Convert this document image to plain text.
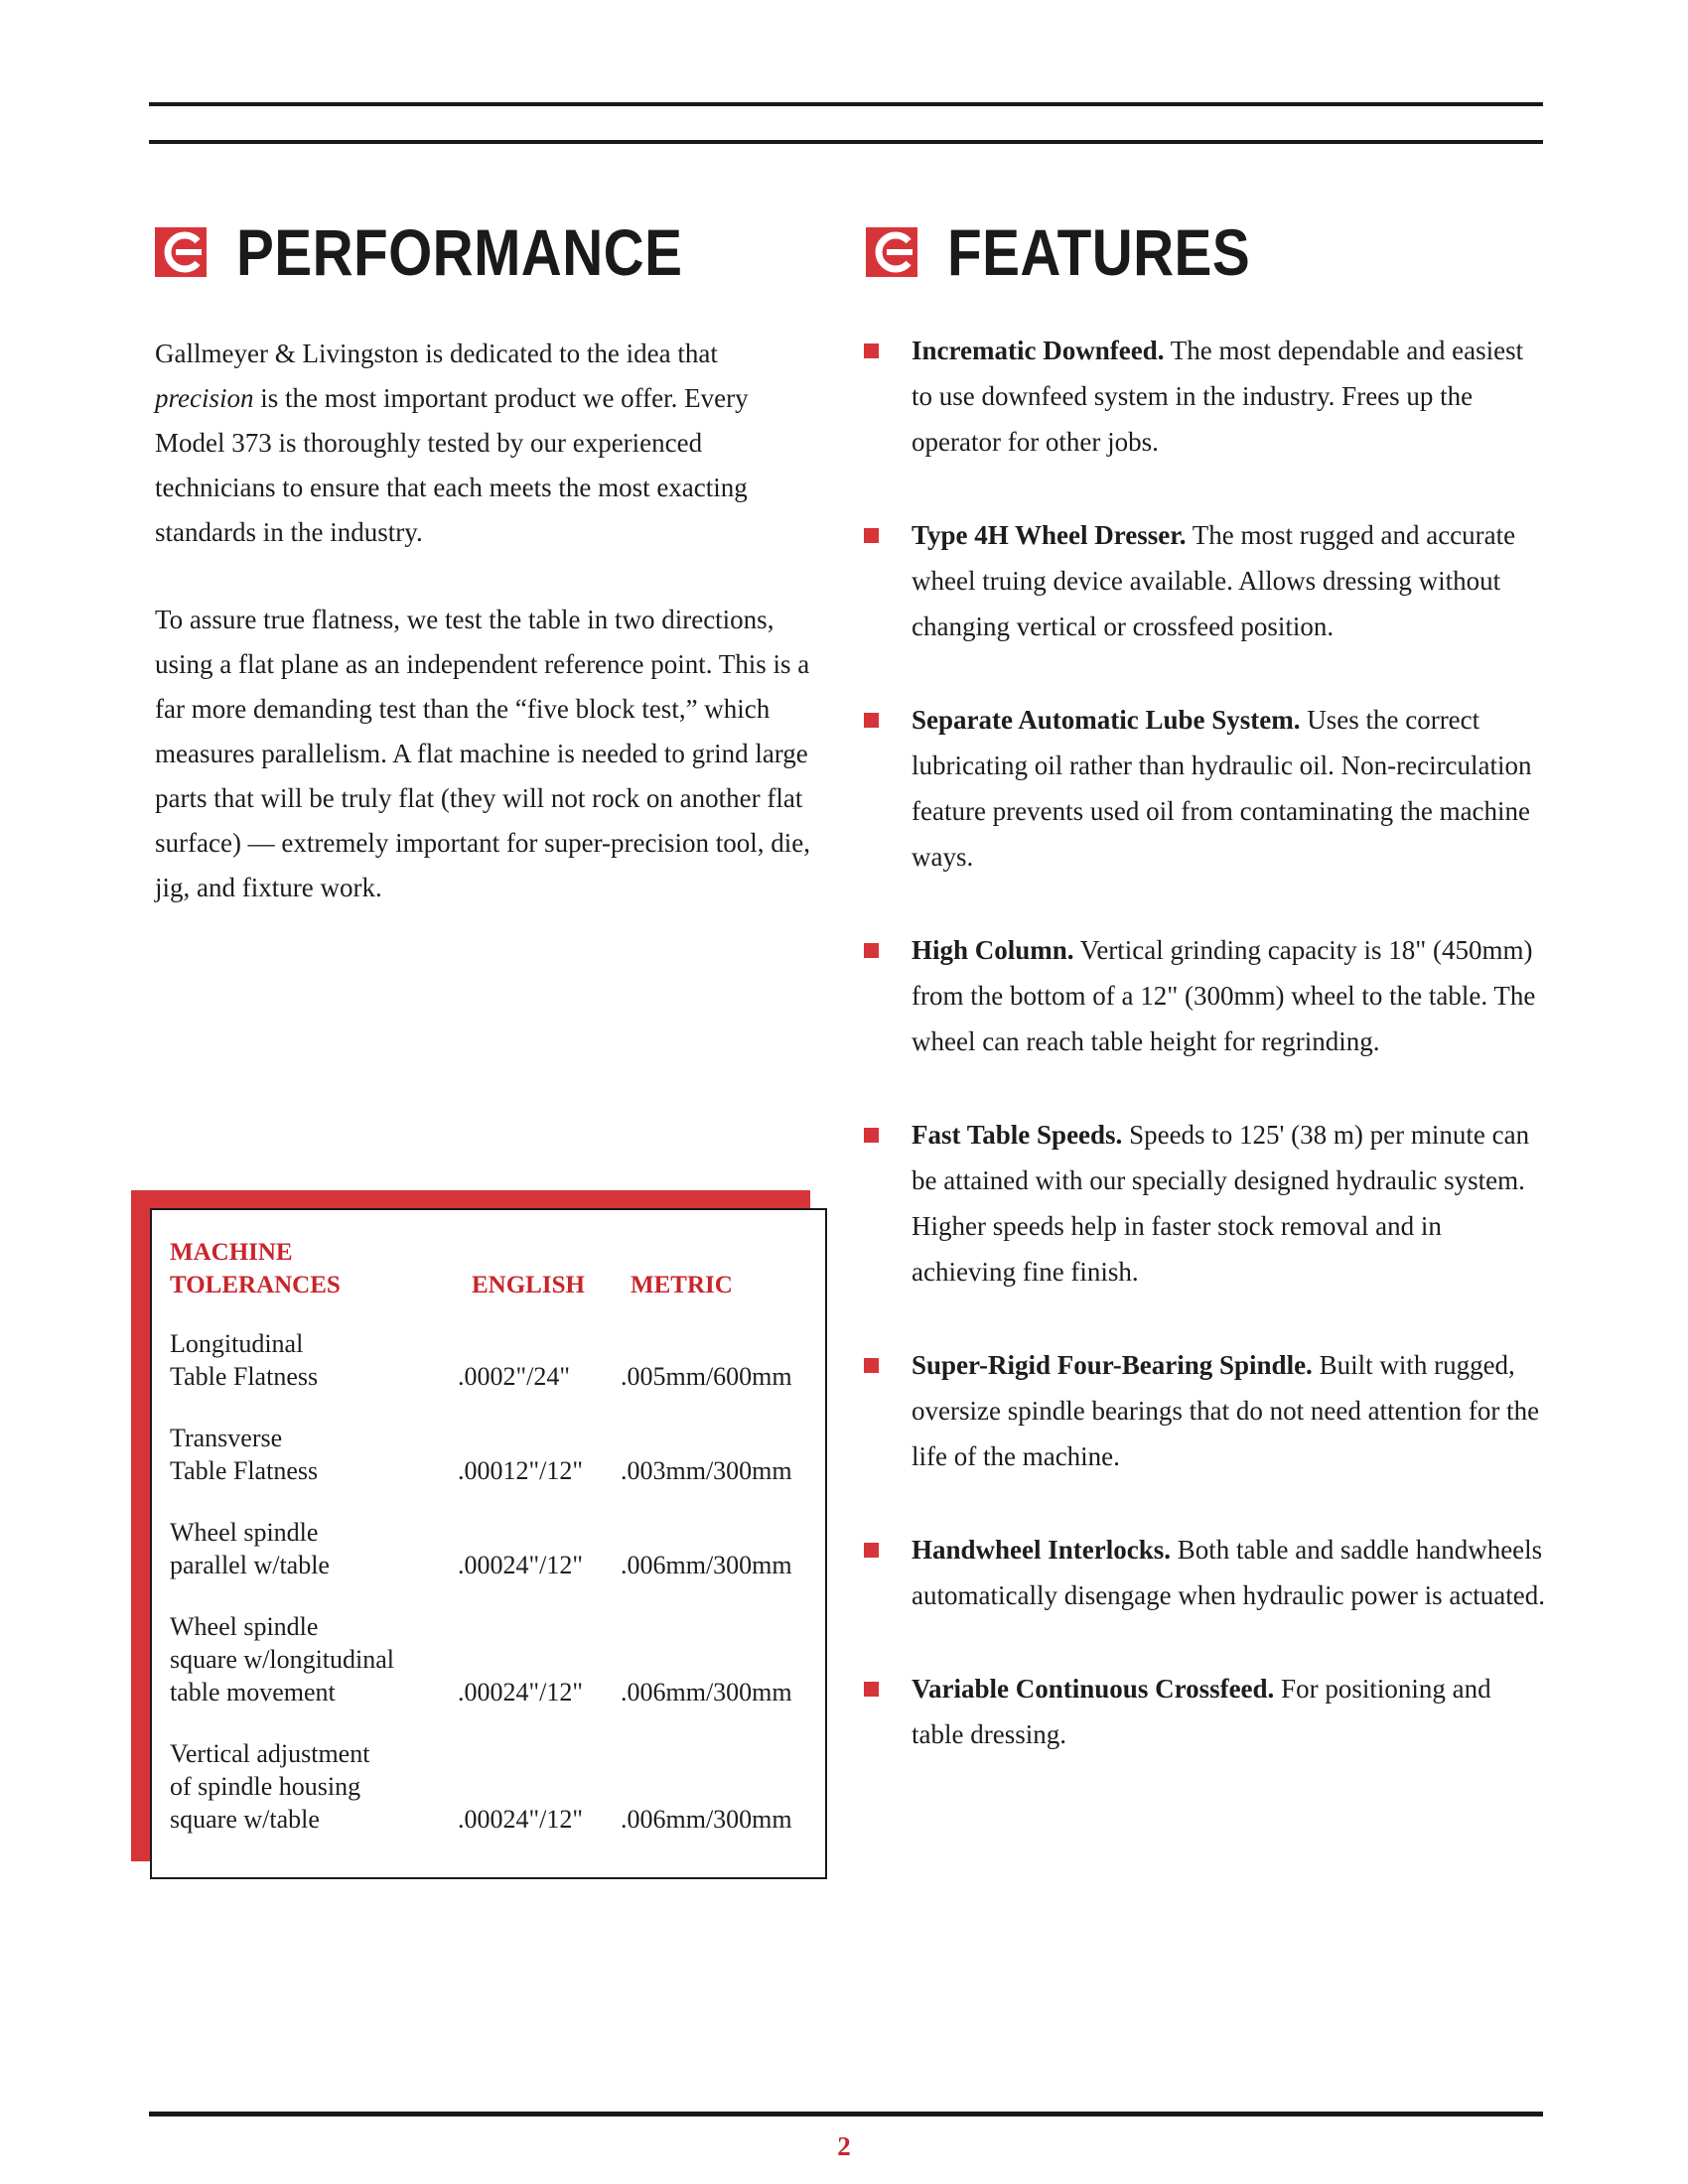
PERFORMANCE	FEATURES

Gallmeyer & Livingston is dedicated to the idea that precision is the most important product we offer. Every Model 373 is thoroughly tested by our experienced technicians to ensure that each meets the most exacting standards in the industry.

To assure true flatness, we test the table in two directions, using a flat plane as an independent reference point. This is a far more demanding test than the “five block test,” which measures parallelism. A flat machine is needed to grind large parts that will be truly flat (they will not rock on another flat surface) — extremely important for super-precision tool, die, jig, and fixture work.

MACHINE
TOLERANCES	ENGLISH	METRIC
Longitudinal
Table Flatness	.0002"/24"	.005mm/600mm
Transverse
Table Flatness	.00012"/12"	.003mm/300mm
Wheel spindle
parallel w/table	.00024"/12"	.006mm/300mm
Wheel spindle
square w/longitudinal
table movement	.00024"/12"	.006mm/300mm
Vertical adjustment
of spindle housing
square w/table	.00024"/12"	.006mm/300mm
Incrematic Downfeed. The most dependable and easiest to use downfeed system in the industry. Frees up the operator for other jobs.
Type 4H Wheel Dresser. The most rugged and accurate wheel truing device available. Allows dressing without changing vertical or crossfeed position.
Separate Automatic Lube System. Uses the correct lubricating oil rather than hydraulic oil. Non-recirculation feature prevents used oil from contaminating the machine ways.
High Column. Vertical grinding capacity is 18" (450mm) from the bottom of a 12" (300mm) wheel to the table. The wheel can reach table height for regrinding.
Fast Table Speeds. Speeds to 125' (38 m) per minute can be attained with our specially designed hydraulic system. Higher speeds help in faster stock removal and in achieving fine finish.
Super-Rigid Four-Bearing Spindle. Built with rugged, oversize spindle bearings that do not need attention for the life of the machine.
Handwheel Interlocks. Both table and saddle handwheels automatically disengage when hydraulic power is actuated.
Variable Continuous Crossfeed. For positioning and table dressing.
2
